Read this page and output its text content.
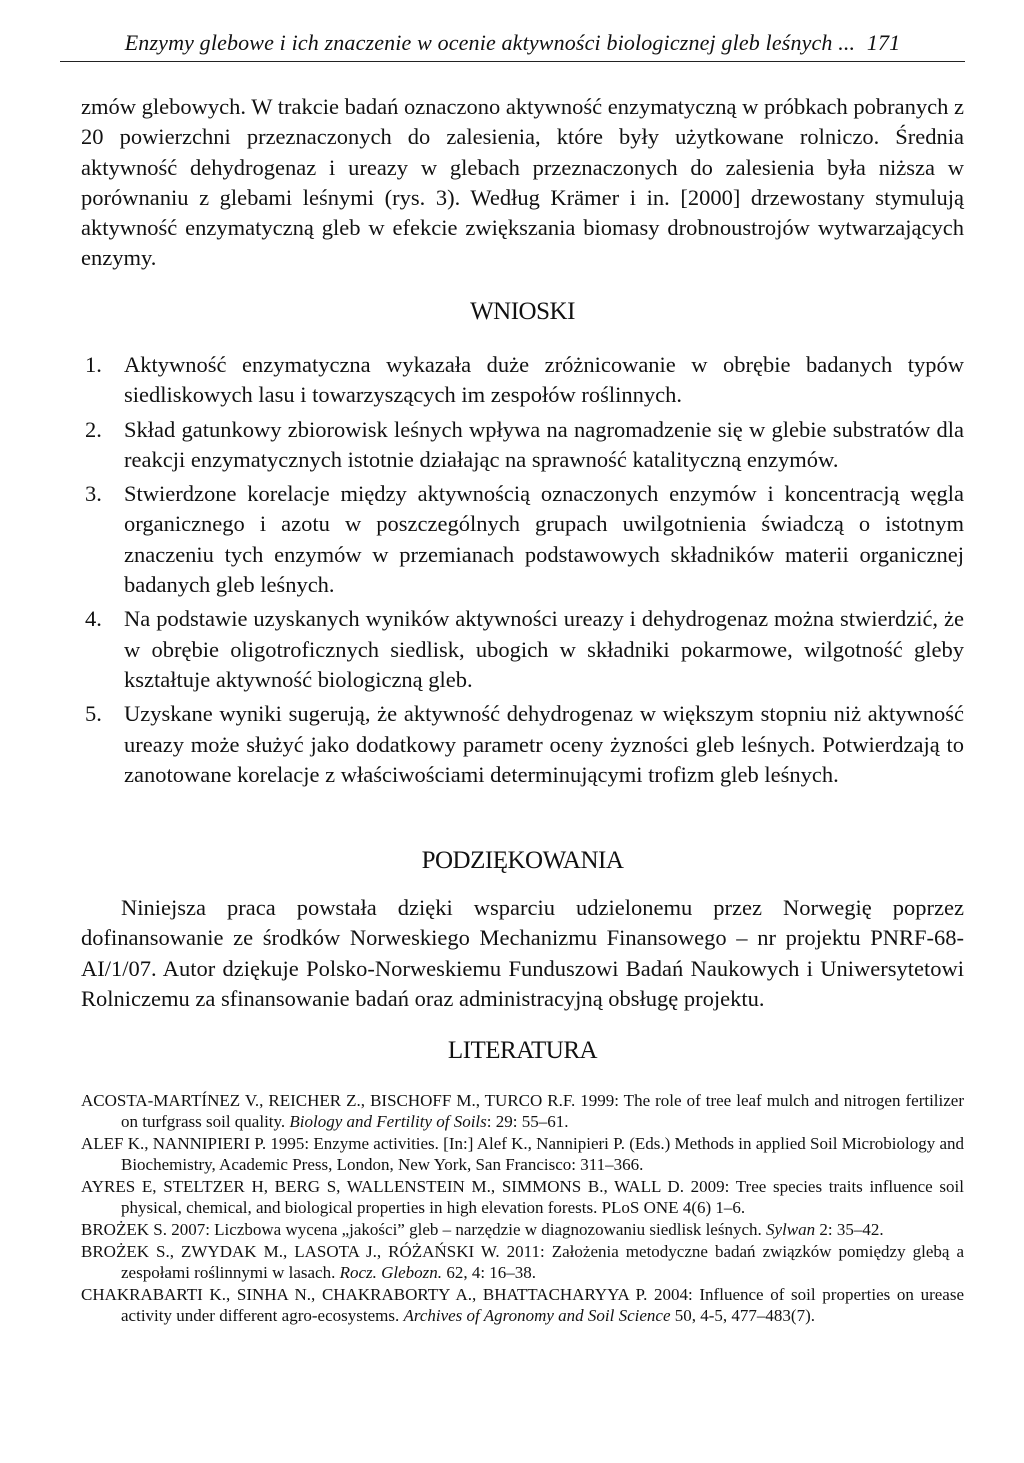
Enzymy glebowe i ich znaczenie w ocenie aktywności biologicznej gleb leśnych ... 171

zmów glebowych. W trakcie badań oznaczono aktywność enzymatyczną w próbkach pobranych z 20 powierzchni przeznaczonych do zalesienia, które były użytkowane rolniczo. Średnia aktywność dehydrogenaz i ureazy w glebach przeznaczonych do zalesienia była niższa w porównaniu z glebami leśnymi (rys. 3). Według Krämer i in. [2000] drzewostany stymulują aktywność enzymatyczną gleb w efekcie zwiększania biomasy drobnoustrojów wytwarzających enzymy.

WNIOSKI
1. Aktywność enzymatyczna wykazała duże zróżnicowanie w obrębie badanych typów siedliskowych lasu i towarzyszących im zespołów roślinnych.
2. Skład gatunkowy zbiorowisk leśnych wpływa na nagromadzenie się w glebie substratów dla reakcji enzymatycznych istotnie działając na sprawność katalityczną enzymów.
3. Stwierdzone korelacje między aktywnością oznaczonych enzymów i koncentracją węgla organicznego i azotu w poszczególnych grupach uwilgotnienia świadczą o istotnym znaczeniu tych enzymów w przemianach podstawowych składników materii organicznej badanych gleb leśnych.
4. Na podstawie uzyskanych wyników aktywności ureazy i dehydrogenaz można stwierdzić, że w obrębie oligotroficznych siedlisk, ubogich w składniki pokarmowe, wilgotność gleby kształtuje aktywność biologiczną gleb.
5. Uzyskane wyniki sugerują, że aktywność dehydrogenaz w większym stopniu niż aktywność ureazy może służyć jako dodatkowy parametr oceny żyzności gleb leśnych. Potwierdzają to zanotowane korelacje z właściwościami determinującymi trofizm gleb leśnych.
PODZIĘKOWANIA

Niniejsza praca powstała dzięki wsparciu udzielonemu przez Norwegię poprzez dofinansowanie ze środków Norweskiego Mechanizmu Finansowego – nr projektu PNRF-68-AI/1/07. Autor dziękuje Polsko-Norweskiemu Funduszowi Badań Naukowych i Uniwersytetowi Rolniczemu za sfinansowanie badań oraz administracyjną obsługę projektu.

LITERATURA
ACOSTA-MARTÍNEZ V., REICHER Z., BISCHOFF M., TURCO R.F. 1999: The role of tree leaf mulch and nitrogen fertilizer on turfgrass soil quality. Biology and Fertility of Soils: 29: 55–61.
ALEF K., NANNIPIERI P. 1995: Enzyme activities. [In:] Alef K., Nannipieri P. (Eds.) Methods in applied Soil Microbiology and Biochemistry, Academic Press, London, New York, San Francisco: 311–366.
AYRES E, STELTZER H, BERG S, WALLENSTEIN M., SIMMONS B., WALL D. 2009: Tree species traits influence soil physical, chemical, and biological properties in high elevation forests. PLoS ONE 4(6) 1–6.
BROŻEK S. 2007: Liczbowa wycena „jakości” gleb – narzędzie w diagnozowaniu siedlisk leśnych. Sylwan 2: 35–42.
BROŻEK S., ZWYDAK M., LASOTA J., RÓŻAŃSKI W. 2011: Założenia metodyczne badań związków pomiędzy glebą a zespołami roślinnymi w lasach. Rocz. Glebozn. 62, 4: 16–38.
CHAKRABARTI K., SINHA N., CHAKRABORTY A., BHATTACHARYYA P. 2004: Influence of soil properties on urease activity under different agro-ecosystems. Archives of Agronomy and Soil Science 50, 4-5, 477–483(7).
